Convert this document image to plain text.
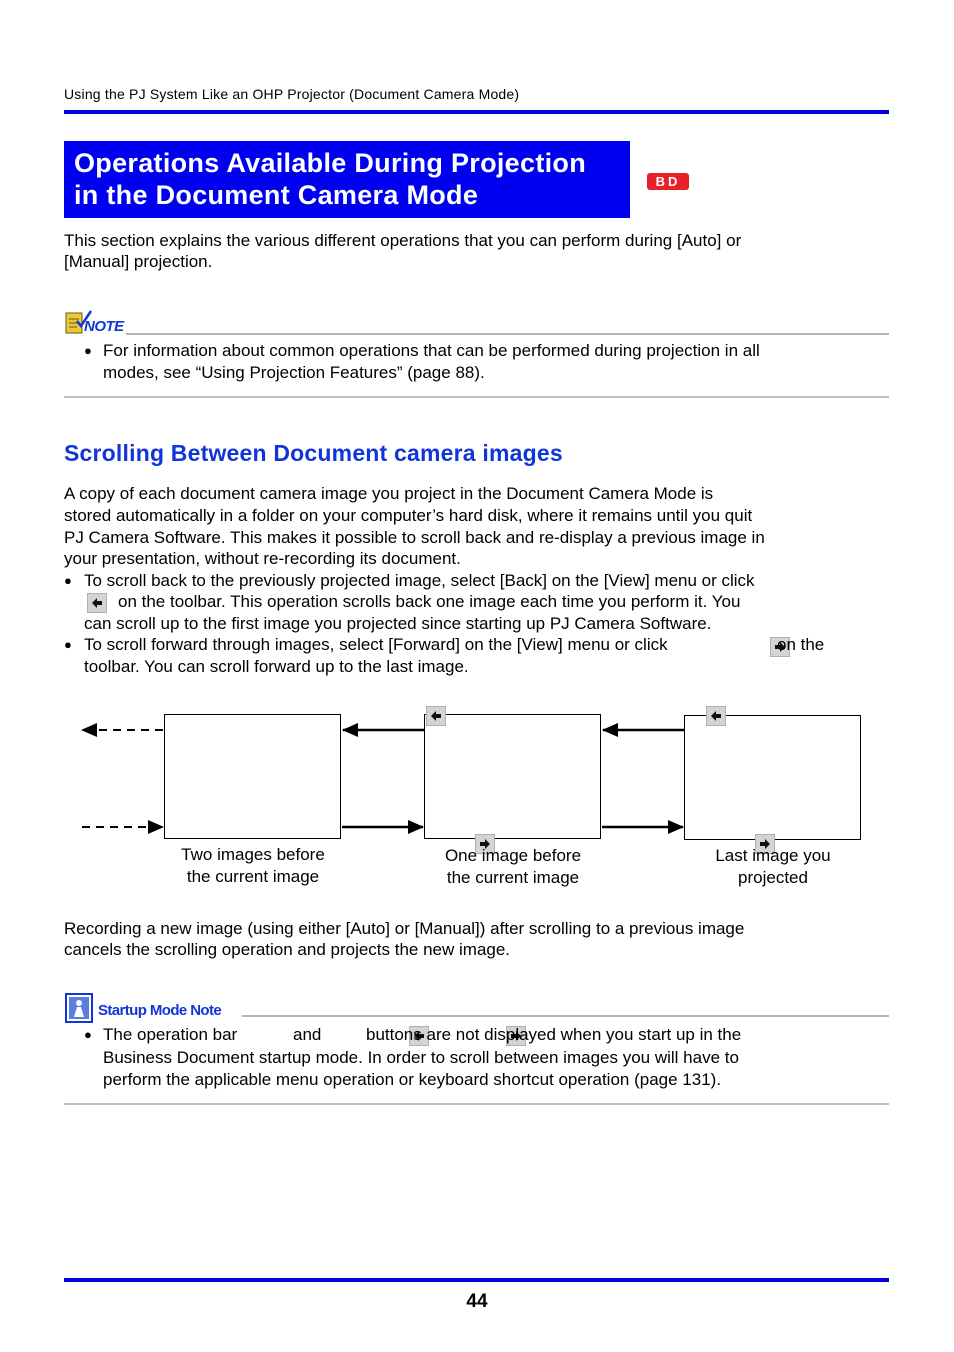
Using the PJ System Like an OHP Projector (Document Camera Mode)
Operations Available During Projection
in the Document Camera Mode	BD

This section explains the various different operations that you can perform during [Auto] or

[Manual] projection.

NOTE
● For information about common operations that can be performed during projection in all

modes, see “Using Projection Features” (page 88).

Scrolling Between Document camera images

A copy of each document camera image you project in the Document Camera Mode is

stored automatically in a folder on your computer’s hard disk, where it remains until you quit

PJ Camera Software. This makes it possible to scroll back and re-display a previous image in

your presentation, without re-recording its document.

● To scroll back to the previously projected image, select [Back] on the [View] menu or click

on the toolbar. This operation scrolls back one image each time you perform it. You

can scroll up to the first image you projected since starting up PJ Camera Software.

● To scroll forward through images, select [Forward] on the [View] menu or click

	on the

toolbar. You can scroll forward up to the last image.

Two images before
the current image
One image before
the current image
Last image you
projected

Recording a new image (using either [Auto] or [Manual]) after scrolling to a previous image

cancels the scrolling operation and projects the new image.

Startup Mode Note
● The operation bar

	and	buttons are not displayed when you start up in the

Business Document startup mode. In order to scroll between images you will have to

perform the applicable menu operation or keyboard shortcut operation (page 131).

44
